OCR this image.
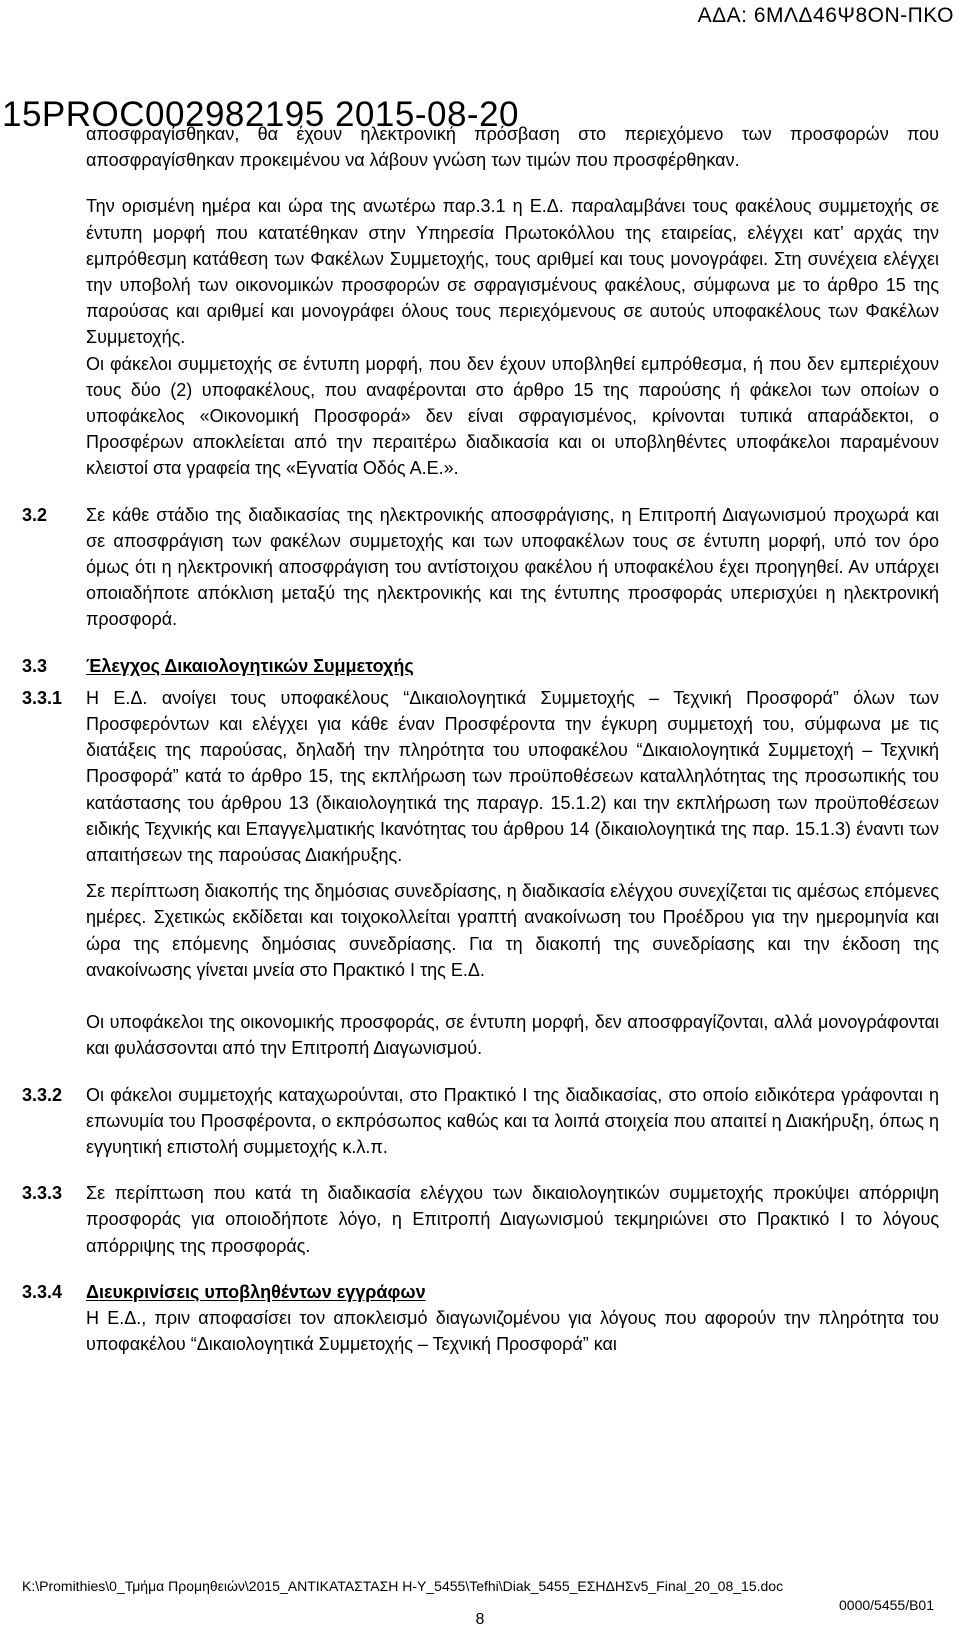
ΑΔΑ: 6ΜΛΔ46Ψ8ΟΝ-ΠΚΟ
15PROC002982195 2015-08-20

αποσφραγίσθηκαν, θα έχουν ηλεκτρονική πρόσβαση στο περιεχόμενο των προσφορών που αποσφραγίσθηκαν προκειμένου να λάβουν γνώση των τιμών που προσφέρθηκαν.

Την ορισμένη ημέρα και ώρα της ανωτέρω παρ.3.1 η Ε.Δ. παραλαμβάνει τους φακέλους συμμετοχής σε έντυπη μορφή που κατατέθηκαν στην Υπηρεσία Πρωτοκόλλου της εταιρείας, ελέγχει κατ’ αρχάς την εμπρόθεσμη κατάθεση των Φακέλων Συμμετοχής, τους αριθμεί και τους μονογράφει. Στη συνέχεια ελέγχει την υποβολή των οικονομικών προσφορών σε σφραγισμένους φακέλους, σύμφωνα με το άρθρο 15 της παρούσας και αριθμεί και μονογράφει όλους τους περιεχόμενους σε αυτούς υποφακέλους των Φακέλων Συμμετοχής.

Οι φάκελοι συμμετοχής σε έντυπη μορφή, που δεν έχουν υποβληθεί εμπρόθεσμα, ή που δεν εμπεριέχουν τους δύο (2) υποφακέλους, που αναφέρονται στο άρθρο 15 της παρούσης ή φάκελοι των οποίων ο υποφάκελος «Οικονομική Προσφορά» δεν είναι σφραγισμένος, κρίνονται τυπικά απαράδεκτοι, ο Προσφέρων αποκλείεται από την περαιτέρω διαδικασία και οι υποβληθέντες υποφάκελοι παραμένουν κλειστοί στα γραφεία της «Εγνατία Οδός Α.Ε.».

3.2 Σε κάθε στάδιο της διαδικασίας της ηλεκτρονικής αποσφράγισης, η Επιτροπή Διαγωνισμού προχωρά και σε αποσφράγιση των φακέλων συμμετοχής και των υποφακέλων τους σε έντυπη μορφή, υπό τον όρο όμως ότι η ηλεκτρονική αποσφράγιση του αντίστοιχου φακέλου ή υποφακέλου έχει προηγηθεί. Αν υπάρχει οποιαδήποτε απόκλιση μεταξύ της ηλεκτρονικής και της έντυπης προσφοράς υπερισχύει η ηλεκτρονική προσφορά.

3.3 Έλεγχος Δικαιολογητικών Συμμετοχής

3.3.1 Η Ε.Δ. ανοίγει τους υποφακέλους “Δικαιολογητικά Συμμετοχής – Τεχνική Προσφορά” όλων των Προσφερόντων και ελέγχει για κάθε έναν Προσφέροντα την έγκυρη συμμετοχή του, σύμφωνα με τις διατάξεις της παρούσας, δηλαδή την πληρότητα του υποφακέλου “Δικαιολογητικά Συμμετοχή – Τεχνική Προσφορά” κατά το άρθρο 15, της εκπλήρωση των προϋποθέσεων καταλληλότητας της προσωπικής του κατάστασης του άρθρου 13 (δικαιολογητικά της παραγρ. 15.1.2) και την εκπλήρωση των προϋποθέσεων ειδικής Τεχνικής και Επαγγελματικής Ικανότητας του άρθρου 14 (δικαιολογητικά της παρ. 15.1.3) έναντι των απαιτήσεων της παρούσας Διακήρυξης.

Σε περίπτωση διακοπής της δημόσιας συνεδρίασης, η διαδικασία ελέγχου συνεχίζεται τις αμέσως επόμενες ημέρες. Σχετικώς εκδίδεται και τοιχοκολλείται γραπτή ανακοίνωση του Προέδρου για την ημερομηνία και ώρα της επόμενης δημόσιας συνεδρίασης. Για τη διακοπή της συνεδρίασης και την έκδοση της ανακοίνωσης γίνεται μνεία στο Πρακτικό Ι της Ε.Δ.

Οι υποφάκελοι της οικονομικής προσφοράς, σε έντυπη μορφή, δεν αποσφραγίζονται, αλλά μονογράφονται και φυλάσσονται από την Επιτροπή Διαγωνισμού.

3.3.2 Οι φάκελοι συμμετοχής καταχωρούνται, στο Πρακτικό Ι της διαδικασίας, στο οποίο ειδικότερα γράφονται η επωνυμία του Προσφέροντα, ο εκπρόσωπος καθώς και τα λοιπά στοιχεία που απαιτεί η Διακήρυξη, όπως η εγγυητική επιστολή συμμετοχής κ.λ.π.

3.3.3 Σε περίπτωση που κατά τη διαδικασία ελέγχου των δικαιολογητικών συμμετοχής προκύψει απόρριψη προσφοράς για οποιοδήποτε λόγο, η Επιτροπή Διαγωνισμού τεκμηριώνει στο Πρακτικό Ι το λόγους απόρριψης της προσφοράς.

3.3.4 Διευκρινίσεις υποβληθέντων εγγράφων

Η Ε.Δ., πριν αποφασίσει τον αποκλεισμό διαγωνιζομένου για λόγους που αφορούν την πληρότητα του υποφακέλου “Δικαιολογητικά Συμμετοχής – Τεχνική Προσφορά” και

K:\Promithies\0_Τμήμα Προμηθειών\2015_ΑΝΤΙΚΑΤΑΣΤΑΣΗ Η-Υ_5455\Tefhi\Diak_5455_ΕΣΗΔΗΣv5_Final_20_08_15.doc
0000/5455/B01
8
